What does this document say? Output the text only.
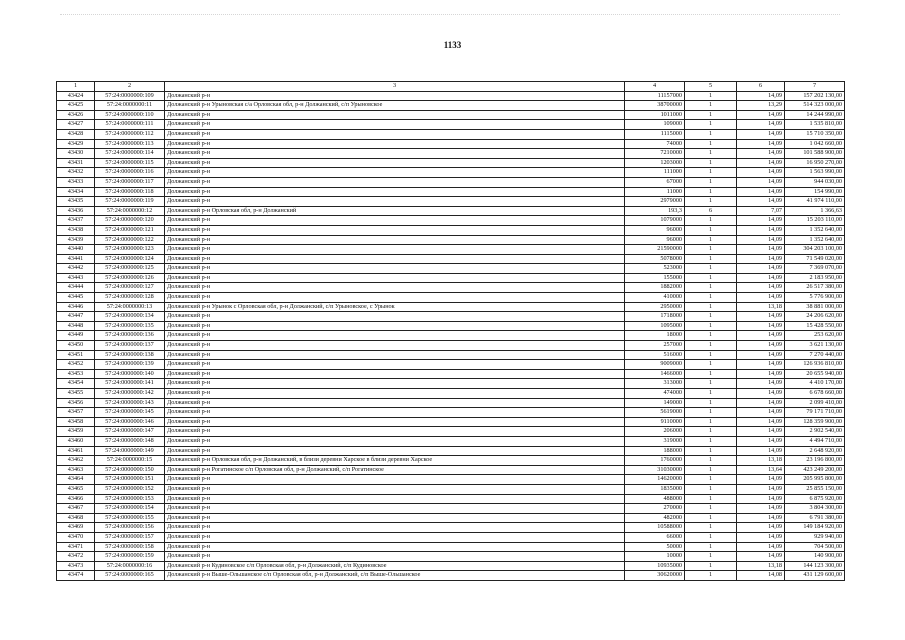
1133
1	2	3	4	5	6	7
43424	57:24:0000000:109	Должанский р-н	11157000	1	14,09	157 202 130,00
43425	57:24:0000000:11	Должанский р-н Урыновская с/а Орловская обл, р-н Должанский, с/п Урыновское	38700000	1	13,29	514 323 000,00
43426	57:24:0000000:110	Должанский р-н	1011000	1	14,09	14 244 990,00
43427	57:24:0000000:111	Должанский р-н	109000	1	14,09	1 535 810,00
43428	57:24:0000000:112	Должанский р-н	1115000	1	14,09	15 710 350,00
43429	57:24:0000000:113	Должанский р-н	74000	1	14,09	1 042 660,00
43430	57:24:0000000:114	Должанский р-н	7210000	1	14,09	101 588 900,00
43431	57:24:0000000:115	Должанский р-н	1203000	1	14,09	16 950 270,00
43432	57:24:0000000:116	Должанский р-н	111000	1	14,09	1 563 990,00
43433	57:24:0000000:117	Должанский р-н	67000	1	14,09	944 030,00
43434	57:24:0000000:118	Должанский р-н	11000	1	14,09	154 990,00
43435	57:24:0000000:119	Должанский р-н	2979000	1	14,09	41 974 110,00
43436	57:24:0000000:12	Должанский р-н Орловская обл, р-н Должанский	193,3	6	7,07	1 366,63
43437	57:24:0000000:120	Должанский р-н	1079000	1	14,09	15 203 110,00
43438	57:24:0000000:121	Должанский р-н	96000	1	14,09	1 352 640,00
43439	57:24:0000000:122	Должанский р-н	96000	1	14,09	1 352 640,00
43440	57:24:0000000:123	Должанский р-н	21590000	1	14,09	304 203 100,00
43441	57:24:0000000:124	Должанский р-н	5078000	1	14,09	71 549 020,00
43442	57:24:0000000:125	Должанский р-н	523000	1	14,09	7 369 070,00
43443	57:24:0000000:126	Должанский р-н	155000	1	14,09	2 183 950,00
43444	57:24:0000000:127	Должанский р-н	1882000	1	14,09	26 517 380,00
43445	57:24:0000000:128	Должанский р-н	410000	1	14,09	5 776 900,00
43446	57:24:0000000:13	Должанский р-н Урынок с Орловская обл, р-н Должанский, с/п Урыновское, с Урынок	2950000	1	13,18	38 881 000,00
43447	57:24:0000000:134	Должанский р-н	1718000	1	14,09	24 206 620,00
43448	57:24:0000000:135	Должанский р-н	1095000	1	14,09	15 428 550,00
43449	57:24:0000000:136	Должанский р-н	18000	1	14,09	253 620,00
43450	57:24:0000000:137	Должанский р-н	257000	1	14,09	3 621 130,00
43451	57:24:0000000:138	Должанский р-н	516000	1	14,09	7 270 440,00
43452	57:24:0000000:139	Должанский р-н	9009000	1	14,09	126 936 810,00
43453	57:24:0000000:140	Должанский р-н	1466000	1	14,09	20 655 940,00
43454	57:24:0000000:141	Должанский р-н	313000	1	14,09	4 410 170,00
43455	57:24:0000000:142	Должанский р-н	474000	1	14,09	6 678 660,00
43456	57:24:0000000:143	Должанский р-н	149000	1	14,09	2 099 410,00
43457	57:24:0000000:145	Должанский р-н	5619000	1	14,09	79 171 710,00
43458	57:24:0000000:146	Должанский р-н	9110000	1	14,09	128 359 900,00
43459	57:24:0000000:147	Должанский р-н	206000	1	14,09	2 902 540,00
43460	57:24:0000000:148	Должанский р-н	319000	1	14,09	4 494 710,00
43461	57:24:0000000:149	Должанский р-н	188000	1	14,09	2 648 920,00
43462	57:24:0000000:15	Должанский р-н Орловская обл, р-н Должанский, в близи деревни Харское в близи деревни Харское	1760000	1	13,18	23 196 800,00
43463	57:24:0000000:150	Должанский р-н Рогатинское с/п Орловская обл, р-н Должанский, с/п Рогатинское	31030000	1	13,64	423 249 200,00
43464	57:24:0000000:151	Должанский р-н	14620000	1	14,09	205 995 800,00
43465	57:24:0000000:152	Должанский р-н	1835000	1	14,09	25 855 150,00
43466	57:24:0000000:153	Должанский р-н	488000	1	14,09	6 875 920,00
43467	57:24:0000000:154	Должанский р-н	270000	1	14,09	3 804 300,00
43468	57:24:0000000:155	Должанский р-н	482000	1	14,09	6 791 380,00
43469	57:24:0000000:156	Должанский р-н	10588000	1	14,09	149 184 920,00
43470	57:24:0000000:157	Должанский р-н	66000	1	14,09	929 940,00
43471	57:24:0000000:158	Должанский р-н	50000	1	14,09	704 500,00
43472	57:24:0000000:159	Должанский р-н	10000	1	14,09	140 900,00
43473	57:24:0000000:16	Должанский р-н Кудиновское с/п Орловская обл, р-н Должанский, с/п Кудиновское	10935000	1	13,18	144 123 300,00
43474	57:24:0000000:165	Должанский р-н Выше-Ольшанское с/п Орловская обл, р-н Должанский, с/п Выше-Ольшанское	30620000	1	14,08	431 129 600,00
